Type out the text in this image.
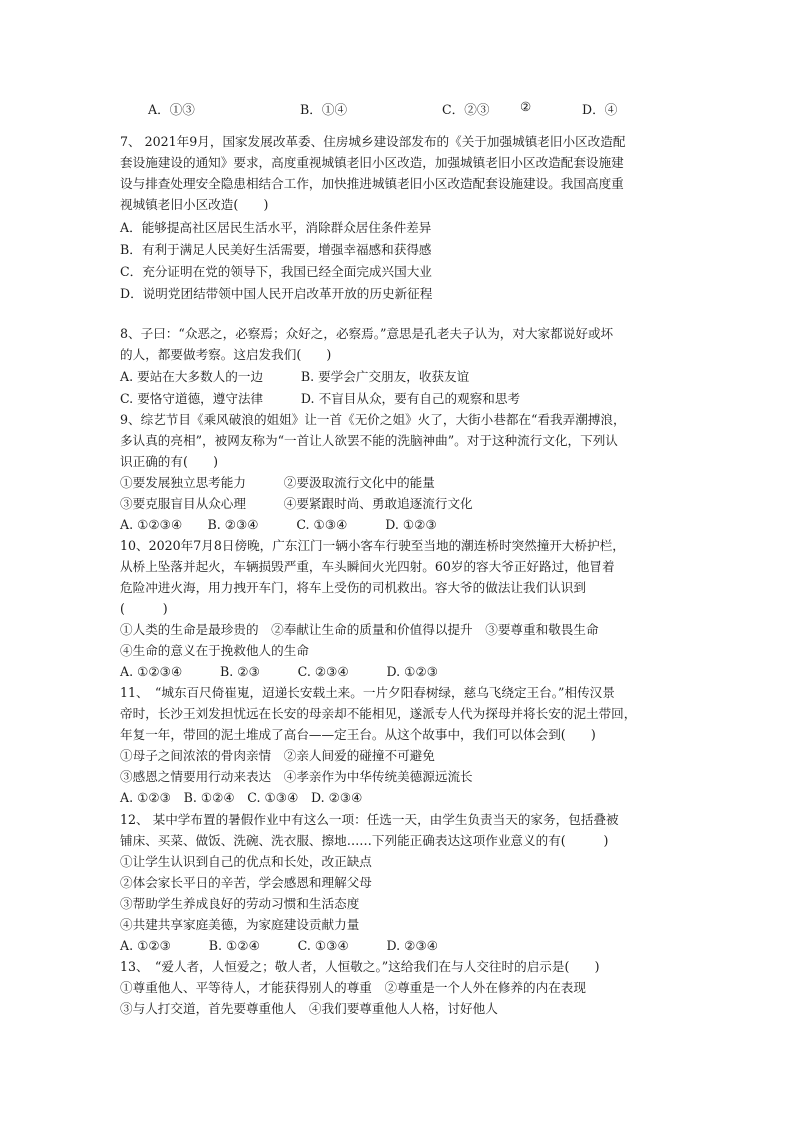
A．①③	B．①④	C．②③ ②	D．④
7、 2021年9月，国家发展改革委、住房城乡建设部发布的《关于加强城镇老旧小区改造配
套设施建设的通知》要求，高度重视城镇老旧小区改造，加强城镇老旧小区改造配套设施建
设与排查处理安全隐患相结合工作，加快推进城镇老旧小区改造配套设施建设。我国高度重
视城镇老旧小区改造(　　)
A．能够提高社区居民生活水平，消除群众居住条件差异
B．有利于满足人民美好生活需要，增强幸福感和获得感
C．充分证明在党的领导下，我国已经全面完成兴国大业
D．说明党团结带领中国人民开启改革开放的历史新征程
8、子曰：“众恶之，必察焉；众好之，必察焉。”意思是孔老夫子认为，对大家都说好或坏
的人，都要做考察。这启发我们(　　)
A. 要站在大多数人的一边　　　B. 要学会广交朋友，收获友谊
C. 要恪守道德，遵守法律　　　D. 不盲目从众，要有自己的观察和思考
9、综艺节目《乘风破浪的姐姐》让一首《无价之姐》火了，大街小巷都在“看我弄潮搏浪，
多认真的亮相”，被网友称为“一首让人欲罢不能的洗脑神曲”。对于这种流行文化，下列认
识正确的有(　　)
①要发展独立思考能力　　　②要汲取流行文化中的能量
③要克服盲目从众心理　　　④要紧跟时尚、勇敢追逐流行文化
A. ①②③④　　B. ②③④　　　C. ①③④　　　D. ①②③
10、2020年7月8日傍晚，广东江门一辆小客车行驶至当地的潮连桥时突然撞开大桥护栏，
从桥上坠落并起火，车辆损毁严重，车头瞬间火光四射。60岁的容大爷正好路过，他冒着
危险冲进火海，用力拽开车门，将车上受伤的司机救出。容大爷的做法让我们认识到
(　　　)
①人类的生命是最珍贵的　②奉献让生命的质量和价值得以提升　③要尊重和敬畏生命
④生命的意义在于挽救他人的生命
A. ①②③④　　　B. ②③　　　C. ②③④　　　D. ①②③
11、　“城东百尺倚崔嵬，迢递长安载土来。一片夕阳春树绿，慈乌飞绕定王台。”相传汉景
帝时，长沙王刘发担忧远在长安的母亲却不能相见，遂派专人代为探母并将长安的泥土带回，
年复一年，带回的泥土堆成了高台——定王台。从这个故事中，我们可以体会到(　　)
①母子之间浓浓的骨肉亲情　②亲人间爱的碰撞不可避免
③感恩之情要用行动来表达　④孝亲作为中华传统美德源远流长
A. ①②③　B. ①②④　C. ①③④　D. ②③④
12、 某中学布置的暑假作业中有这么一项：任选一天，由学生负责当天的家务，包括叠被
铺床、买菜、做饭、洗碗、洗衣服、擦地……下列能正确表达这项作业意义的有(　　　)
①让学生认识到自己的优点和长处，改正缺点
②体会家长平日的辛苦，学会感恩和理解父母
③帮助学生养成良好的劳动习惯和生活态度
④共建共享家庭美德，为家庭建设贡献力量
A. ①②③　　　B. ①②④　　　C. ①③④　　　D. ②③④
13、　“爱人者，人恒爱之；敬人者，人恒敬之。”这给我们在与人交往时的启示是(　　)
①尊重他人、平等待人，才能获得别人的尊重　②尊重是一个人外在修养的内在表现
③与人打交道，首先要尊重他人　④我们要尊重他人人格，讨好他人
